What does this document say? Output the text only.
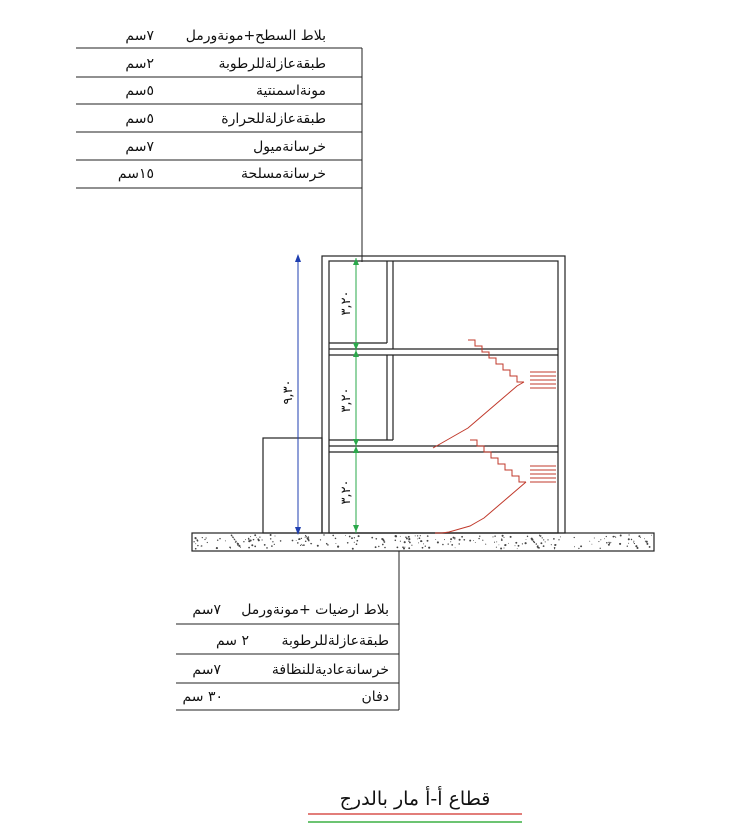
٩,٣٠
٣,٢٠
٣,٢٠
٣,٢٠
بلاط السطح+مونةورمل
٧سم
طبقةعازلةللرطوبة
٢سم
مونةاسمنتية
٥سم
طبقةعازلةللحرارة
٥سم
خرسانةميول
٧سم
خرسانةمسلحة
١٥سم
بلاط ارضيات +مونةورمل
٧سم
طبقةعازلةللرطوبة
٢ سم
خرسانةعاديةللنظافة
٧سم
دفان
٣٠ سم
قطاع أ-أ مار بالدرج
